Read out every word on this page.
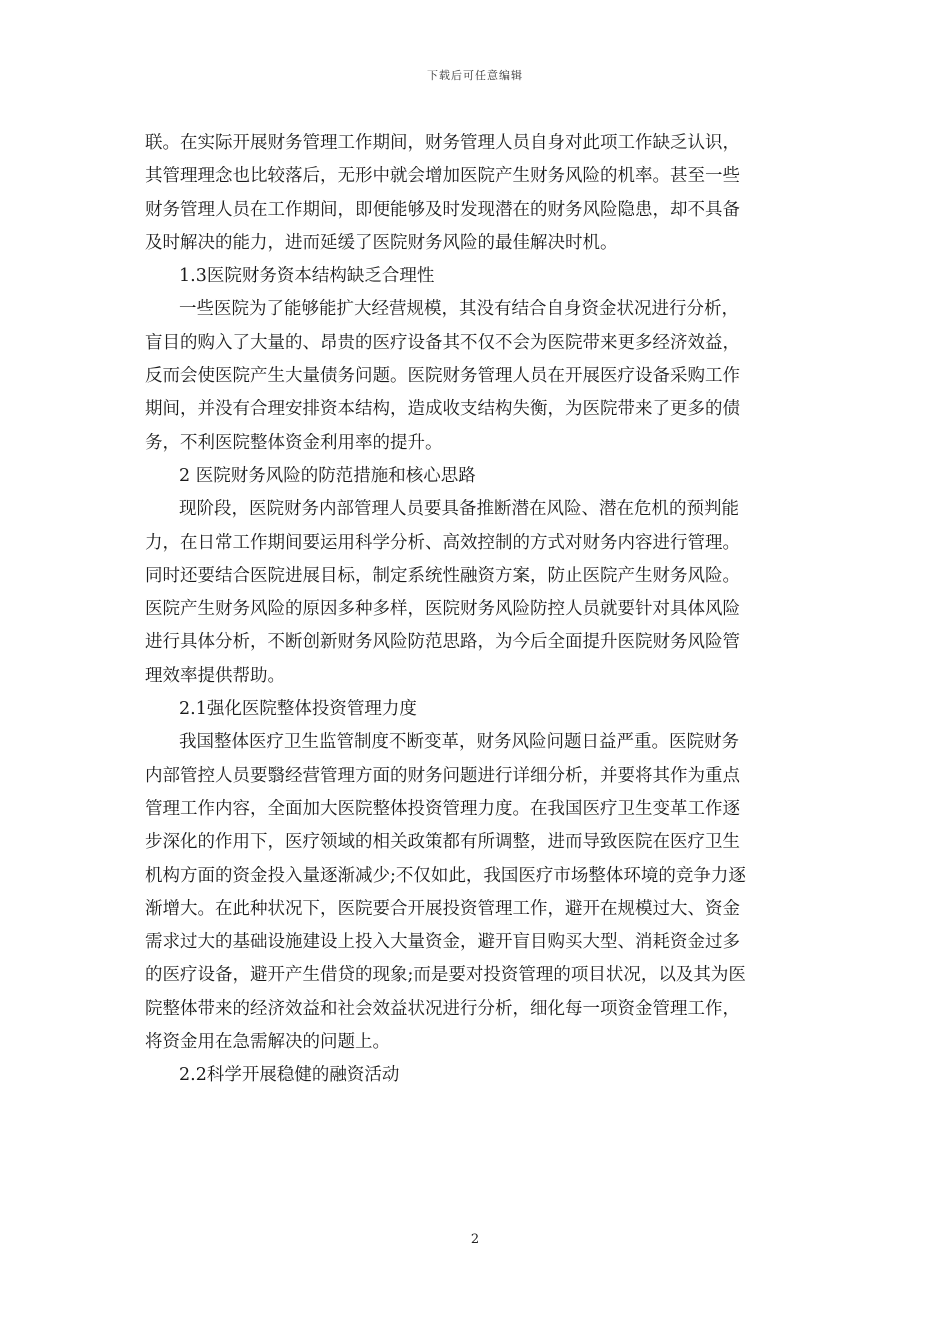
下载后可任意编辑
联。在实际开展财务管理工作期间，财务管理人员自身对此项工作缺乏认识，
其管理理念也比较落后，无形中就会增加医院产生财务风险的机率。甚至一些
财务管理人员在工作期间，即便能够及时发现潜在的财务风险隐患，却不具备
及时解决的能力，进而延缓了医院财务风险的最佳解决时机。
1.3医院财务资本结构缺乏合理性
一些医院为了能够能扩大经营规模，其没有结合自身资金状况进行分析，
盲目的购入了大量的、昂贵的医疗设备其不仅不会为医院带来更多经济效益，
反而会使医院产生大量债务问题。医院财务管理人员在开展医疗设备采购工作
期间，并没有合理安排资本结构，造成收支结构失衡，为医院带来了更多的债
务，不利医院整体资金利用率的提升。
2 医院财务风险的防范措施和核心思路
现阶段，医院财务内部管理人员要具备推断潜在风险、潜在危机的预判能
力，在日常工作期间要运用科学分析、高效控制的方式对财务内容进行管理。
同时还要结合医院进展目标，制定系统性融资方案，防止医院产生财务风险。
医院产生财务风险的原因多种多样，医院财务风险防控人员就要针对具体风险
进行具体分析，不断创新财务风险防范思路，为今后全面提升医院财务风险管
理效率提供帮助。
2.1强化医院整体投资管理力度
我国整体医疗卫生监管制度不断变革，财务风险问题日益严重。医院财务
内部管控人员要翳经营管理方面的财务问题进行详细分析，并要将其作为重点
管理工作内容，全面加大医院整体投资管理力度。在我国医疗卫生变革工作逐
步深化的作用下，医疗领域的相关政策都有所调整，进而导致医院在医疗卫生
机构方面的资金投入量逐渐减少;不仅如此，我国医疗市场整体环境的竞争力逐
渐增大。在此种状况下，医院要合开展投资管理工作，避开在规模过大、资金
需求过大的基础设施建设上投入大量资金，避开盲目购买大型、消耗资金过多
的医疗设备，避开产生借贷的现象;而是要对投资管理的项目状况，以及其为医
院整体带来的经济效益和社会效益状况进行分析，细化每一项资金管理工作，
将资金用在急需解决的问题上。
2.2科学开展稳健的融资活动
2
